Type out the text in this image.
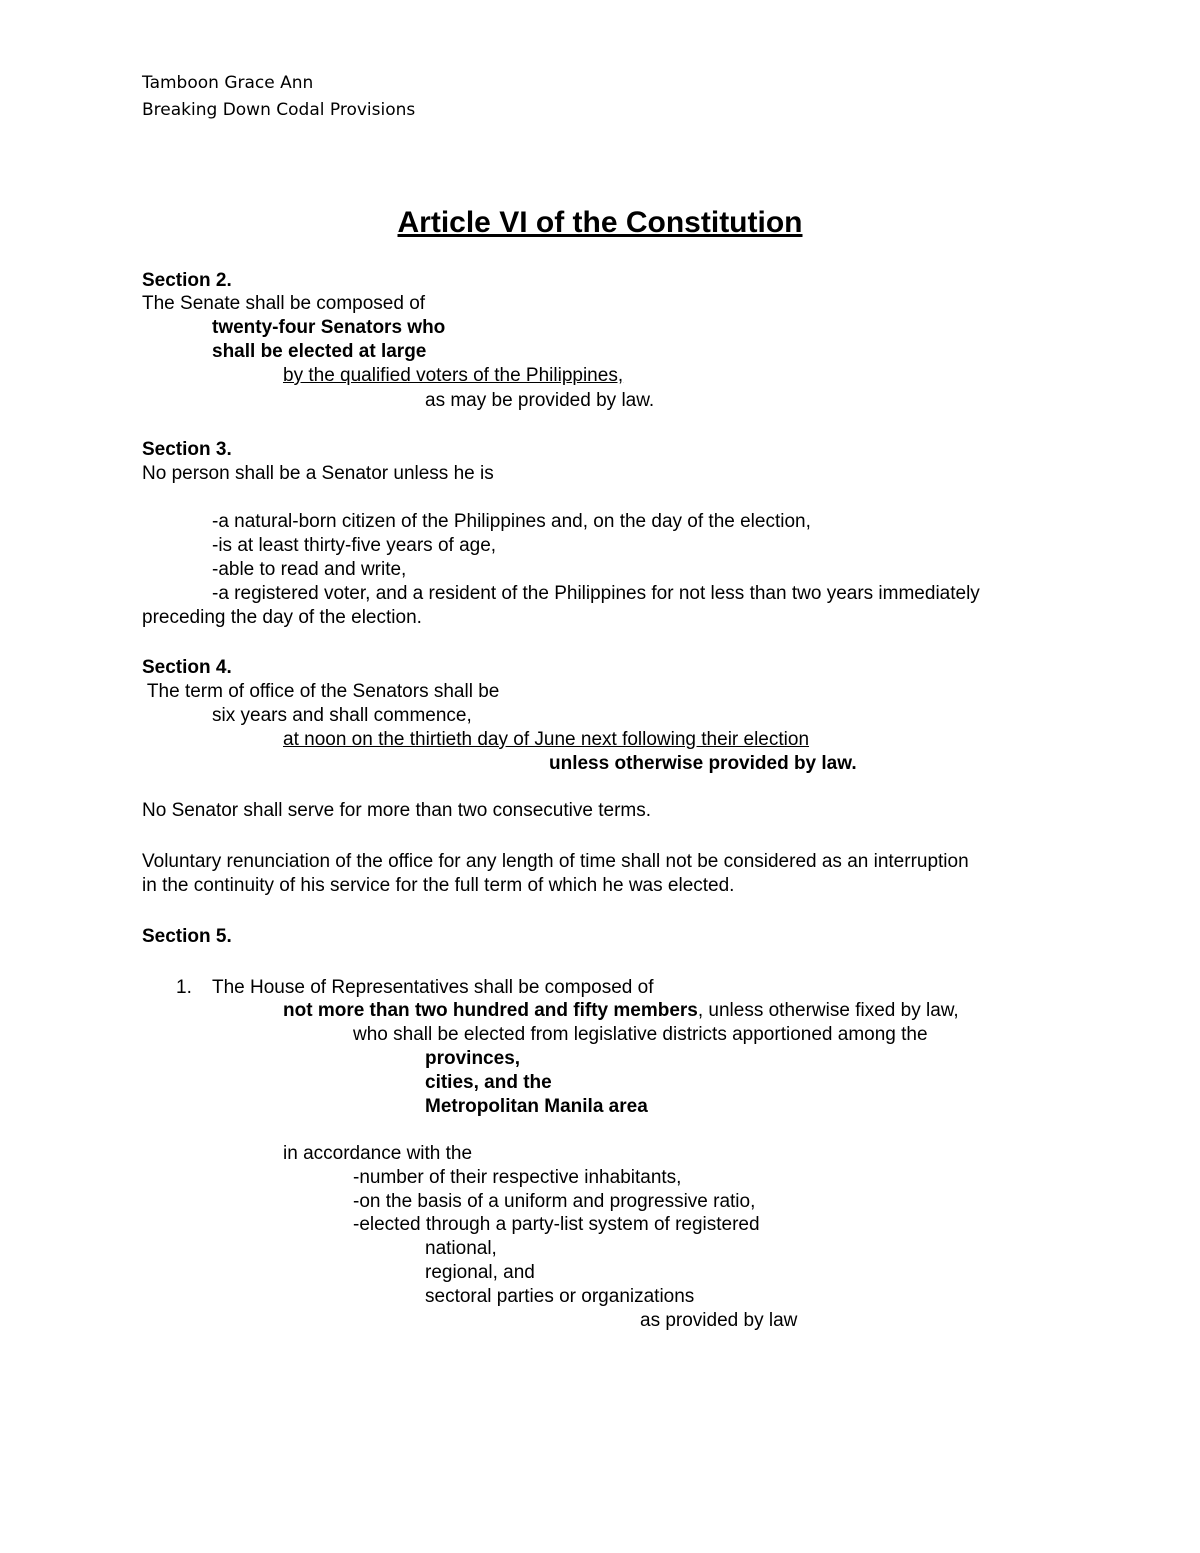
Tamboon Grace Ann
Breaking Down Codal Provisions
Article VI of the Constitution
Section 2.
The Senate shall be composed of
twenty-four Senators who
shall be elected at large
by the qualified voters of the Philippines,
as may be provided by law.
Section 3.
No person shall be a Senator unless he is
-a natural-born citizen of the Philippines and, on the day of the election,
-is at least thirty-five years of age,
-able to read and write,
-a registered voter, and a resident of the Philippines for not less than two years immediately
preceding the day of the election.
Section 4.
The term of office of the Senators shall be
six years and shall commence,
at noon on the thirtieth day of June next following their election
unless otherwise provided by law.
No Senator shall serve for more than two consecutive terms.
Voluntary renunciation of the office for any length of time shall not be considered as an interruption
in the continuity of his service for the full term of which he was elected.
Section 5.
1. The House of Representatives shall be composed of
not more than two hundred and fifty members, unless otherwise fixed by law,
who shall be elected from legislative districts apportioned among the
provinces,
cities, and the
Metropolitan Manila area
in accordance with the
-number of their respective inhabitants,
-on the basis of a uniform and progressive ratio,
-elected through a party-list system of registered
national,
regional, and
sectoral parties or organizations
as provided by law
